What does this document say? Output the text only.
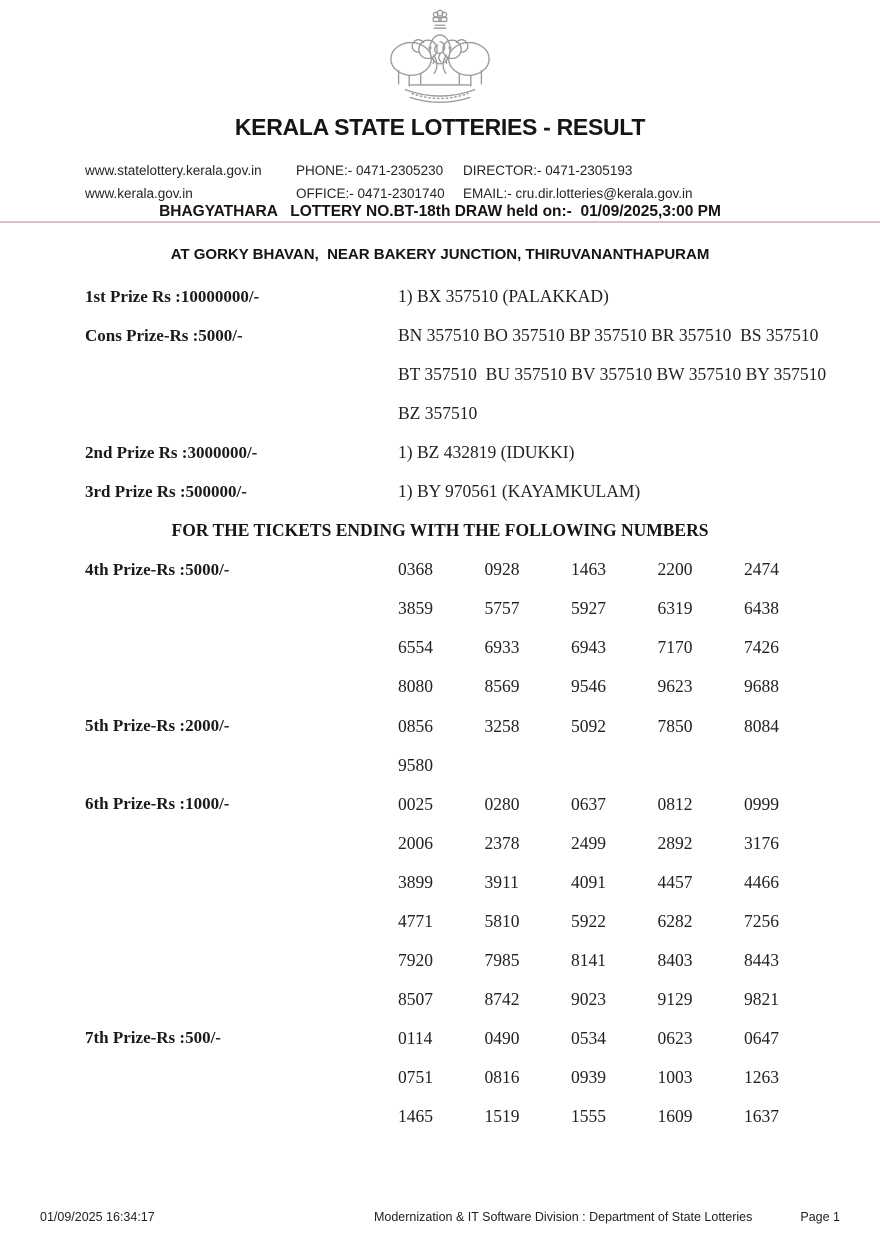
KERALA STATE LOTTERIES - RESULT
www.statelottery.kerala.gov.in	PHONE:- 0471-2305230	DIRECTOR:- 0471-2305193
www.kerala.gov.in	OFFICE:- 0471-2301740	EMAIL:- cru.dir.lotteries@kerala.gov.in
BHAGYATHARA   LOTTERY NO.BT-18th DRAW held on:-  01/09/2025,3:00 PM
AT GORKY BHAVAN,  NEAR BAKERY JUNCTION, THIRUVANANTHAPURAM
1st Prize Rs :10000000/-	1) BX 357510 (PALAKKAD)
Cons Prize-Rs :5000/-	BN 357510 BO 357510 BP 357510 BR 357510  BS 357510
BT 357510  BU 357510 BV 357510 BW 357510 BY 357510
BZ 357510
2nd Prize Rs :3000000/-	1) BZ 432819 (IDUKKI)
3rd Prize Rs :500000/-	1) BY 970561 (KAYAMKULAM)
FOR THE TICKETS ENDING WITH THE FOLLOWING NUMBERS
4th Prize-Rs :5000/-	0368	0928	1463	2200	2474
3859	5757	5927	6319	6438
6554	6933	6943	7170	7426
8080	8569	9546	9623	9688
5th Prize-Rs :2000/-	0856	3258	5092	7850	8084
9580
6th Prize-Rs :1000/-	0025	0280	0637	0812	0999
2006	2378	2499	2892	3176
3899	3911	4091	4457	4466
4771	5810	5922	6282	7256
7920	7985	8141	8403	8443
8507	8742	9023	9129	9821
7th Prize-Rs :500/-	0114	0490	0534	0623	0647
0751	0816	0939	1003	1263
1465	1519	1555	1609	1637
01/09/2025 16:34:17	Modernization & IT Software Division : Department of State Lotteries	Page 1
